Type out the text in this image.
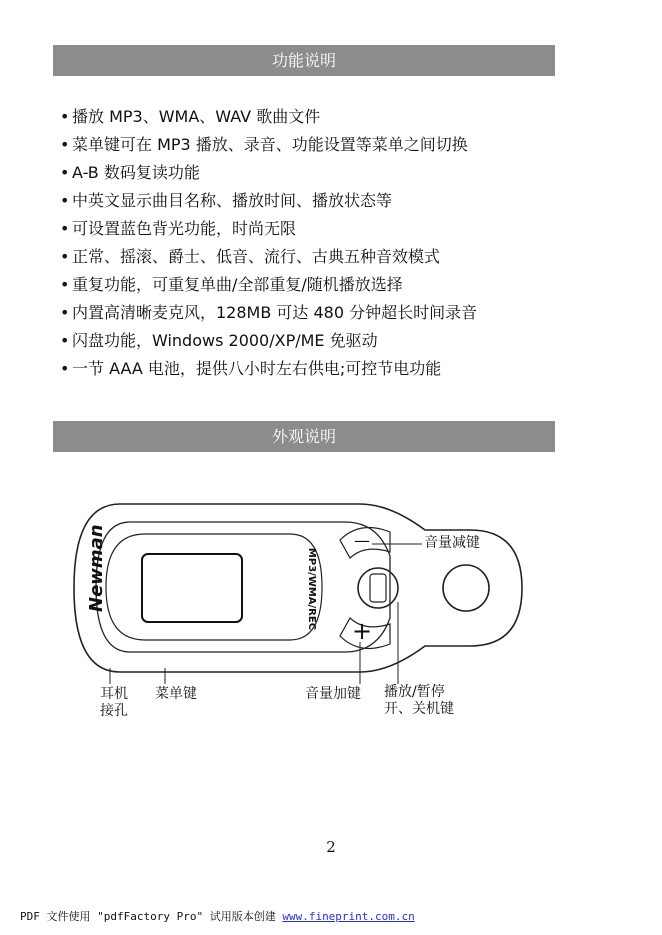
功能说明
• 播放 MP3、WMA、WAV 歌曲文件
• 菜单键可在 MP3 播放、录音、功能设置等菜单之间切换
• A-B 数码复读功能
• 中英文显示曲目名称、播放时间、播放状态等
• 可设置蓝色背光功能，时尚无限
• 正常、摇滚、爵士、低音、流行、古典五种音效模式
• 重复功能，可重复单曲/全部重复/随机播放选择
• 内置高清晰麦克风，128MB 可达 480 分钟超长时间录音
• 闪盘功能，Windows 2000/XP/ME 免驱动
• 一节 AAA 电池，提供八小时左右供电;可控节电功能
外观说明
Newman	MP3/WMA/REC
—
+
音量减键
耳机
接孔
菜单键	音量加键 播放/暂停
开、关机键
2
PDF 文件使用 "pdfFactory Pro" 试用版本创建 www.fineprint.com.cn
